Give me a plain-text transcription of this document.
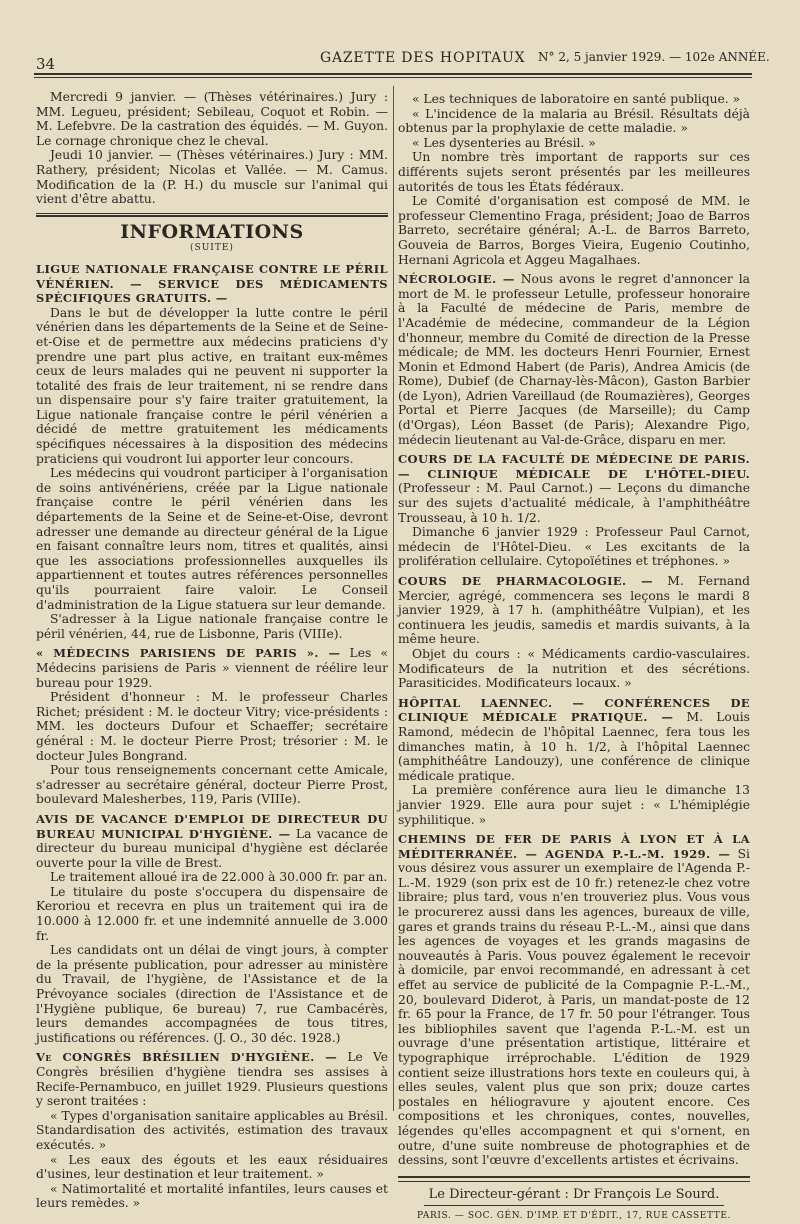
34	GAZETTE DES HOPITAUX N° 2, 5 janvier 1929. — 102e ANNÉE.

Mercredi 9 janvier. — (Thèses vétérinaires.) Jury : MM. Legueu, président; Sebileau, Coquot et Robin. — M. Lefebvre. De la castration des équidés. — M. Guyon. Le cornage chronique chez le cheval.

Jeudi 10 janvier. — (Thèses vétérinaires.) Jury : MM. Rathery, président; Nicolas et Vallée. — M. Camus. Modification de la (P. H.) du muscle sur l'animal qui vient d'être abattu.

INFORMATIONS
(SUITE)

LIGUE NATIONALE FRANÇAISE CONTRE LE PÉRIL VÉNÉRIEN. — SERVICE DES MÉDICAMENTS SPÉCIFIQUES GRATUITS. —

Dans le but de développer la lutte contre le péril vénérien dans les départements de la Seine et de Seine-et-Oise et de permettre aux médecins praticiens d'y prendre une part plus active, en traitant eux-mêmes ceux de leurs malades qui ne peuvent ni supporter la totalité des frais de leur traitement, ni se rendre dans un dispensaire pour s'y faire traiter gratuitement, la Ligue nationale française contre le péril vénérien a décidé de mettre gratuitement les médicaments spécifiques nécessaires à la disposition des médecins praticiens qui voudront lui apporter leur concours.

Les médecins qui voudront participer à l'organisation de soins antivénériens, créée par la Ligue nationale française contre le péril vénérien dans les départements de la Seine et de Seine-et-Oise, devront adresser une demande au directeur général de la Ligue en faisant connaître leurs nom, titres et qualités, ainsi que les associations professionnelles auxquelles ils appartiennent et toutes autres références personnelles qu'ils pourraient faire valoir. Le Conseil d'administration de la Ligue statuera sur leur demande.

S'adresser à la Ligue nationale française contre le péril vénérien, 44, rue de Lisbonne, Paris (VIIIe).

« MÉDECINS PARISIENS DE PARIS ». — Les « Médecins parisiens de Paris » viennent de réélire leur bureau pour 1929.

Président d'honneur : M. le professeur Charles Richet; président : M. le docteur Vitry; vice-présidents : MM. les docteurs Dufour et Schaeffer; secrétaire général : M. le docteur Pierre Prost; trésorier : M. le docteur Jules Bongrand.

Pour tous renseignements concernant cette Amicale, s'adresser au secrétaire général, docteur Pierre Prost, boulevard Malesherbes, 119, Paris (VIIIe).

AVIS DE VACANCE D'EMPLOI DE DIRECTEUR DU BUREAU MUNICIPAL D'HYGIÈNE. — La vacance de directeur du bureau municipal d'hygiène est déclarée ouverte pour la ville de Brest.

Le traitement alloué ira de 22.000 à 30.000 fr. par an.

Le titulaire du poste s'occupera du dispensaire de Keroriou et recevra en plus un traitement qui ira de 10.000 à 12.000 fr. et une indemnité annuelle de 3.000 fr.

Les candidats ont un délai de vingt jours, à compter de la présente publication, pour adresser au ministère du Travail, de l'hygiène, de l'Assistance et de la Prévoyance sociales (direction de l'Assistance et de l'Hygiène publique, 6e bureau) 7, rue Cambacérès, leurs demandes accompagnées de tous titres, justifications ou références. (J. O., 30 déc. 1928.)

Ve CONGRÈS BRÉSILIEN D'HYGIÈNE. — Le Ve Congrès brésilien d'hygiène tiendra ses assises à Recife-Pernambuco, en juillet 1929. Plusieurs questions y seront traitées :

« Types d'organisation sanitaire applicables au Brésil. Standardisation des activités, estimation des travaux exécutés. »

« Les eaux des égouts et les eaux résiduaires d'usines, leur destination et leur traitement. »

« Natimortalité et mortalité infantiles, leurs causes et leurs remèdes. »

« Les techniques de laboratoire en santé publique. »

« L'incidence de la malaria au Brésil. Résultats déjà obtenus par la prophylaxie de cette maladie. »

« Les dysenteries au Brésil. »

Un nombre très important de rapports sur ces différents sujets seront présentés par les meilleures autorités de tous les États fédéraux.

Le Comité d'organisation est composé de MM. le professeur Clementino Fraga, président; Joao de Barros Barreto, secrétaire général; A.-L. de Barros Barreto, Gouveia de Barros, Borges Vieira, Eugenio Coutinho, Hernani Agricola et Aggeu Magalhaes.

NÉCROLOGIE. — Nous avons le regret d'annoncer la mort de M. le professeur Letulle, professeur honoraire à la Faculté de médecine de Paris, membre de l'Académie de médecine, commandeur de la Légion d'honneur, membre du Comité de direction de la Presse médicale; de MM. les docteurs Henri Fournier, Ernest Monin et Edmond Habert (de Paris), Andrea Amicis (de Rome), Dubief (de Charnay-lès-Mâcon), Gaston Barbier (de Lyon), Adrien Vareillaud (de Roumazières), Georges Portal et Pierre Jacques (de Marseille); du Camp (d'Orgas), Léon Basset (de Paris); Alexandre Pigo, médecin lieutenant au Val-de-Grâce, disparu en mer.

COURS DE LA FACULTÉ DE MÉDECINE DE PARIS. — CLINIQUE MÉDICALE DE L'HÔTEL-DIEU. (Professeur : M. Paul Carnot.) — Leçons du dimanche sur des sujets d'actualité médicale, à l'amphithéâtre Trousseau, à 10 h. 1/2.

Dimanche 6 janvier 1929 : Professeur Paul Carnot, médecin de l'Hôtel-Dieu. « Les excitants de la prolifération cellulaire. Cytopoïétines et tréphones. »

COURS DE PHARMACOLOGIE. — M. Fernand Mercier, agrégé, commencera ses leçons le mardi 8 janvier 1929, à 17 h. (amphithéâtre Vulpian), et les continuera les jeudis, samedis et mardis suivants, à la même heure.

Objet du cours : « Médicaments cardio-vasculaires. Modificateurs de la nutrition et des sécrétions. Parasiticides. Modificateurs locaux. »

HÔPITAL LAENNEC. — CONFÉRENCES DE CLINIQUE MÉDICALE PRATIQUE. — M. Louis Ramond, médecin de l'hôpital Laennec, fera tous les dimanches matin, à 10 h. 1/2, à l'hôpital Laennec (amphithéâtre Landouzy), une conférence de clinique médicale pratique.

La première conférence aura lieu le dimanche 13 janvier 1929. Elle aura pour sujet : « L'hémiplégie syphilitique. »

CHEMINS DE FER DE PARIS À LYON ET À LA MÉDITERRANÉE. — AGENDA P.-L.-M. 1929. — Si vous désirez vous assurer un exemplaire de l'Agenda P.-L.-M. 1929 (son prix est de 10 fr.) retenez-le chez votre libraire; plus tard, vous n'en trouveriez plus. Vous vous le procurerez aussi dans les agences, bureaux de ville, gares et grands trains du réseau P.-L.-M., ainsi que dans les agences de voyages et les grands magasins de nouveautés à Paris. Vous pouvez également le recevoir à domicile, par envoi recommandé, en adressant à cet effet au service de publicité de la Compagnie P.-L.-M., 20, boulevard Diderot, à Paris, un mandat-poste de 12 fr. 65 pour la France, de 17 fr. 50 pour l'étranger. Tous les bibliophiles savent que l'agenda P.-L.-M. est un ouvrage d'une présentation artistique, littéraire et typographique irréprochable. L'édition de 1929 contient seize illustrations hors texte en couleurs qui, à elles seules, valent plus que son prix; douze cartes postales en héliogravure y ajoutent encore. Ces compositions et les chroniques, contes, nouvelles, légendes qu'elles accompagnent et qui s'ornent, en outre, d'une suite nombreuse de photographies et de dessins, sont l'œuvre d'excellents artistes et écrivains.

Le Directeur-gérant : Dr François Le Sourd.
PARIS. — SOC. GÉN. D'IMP. ET D'ÉDIT., 17, RUE CASSETTE.
